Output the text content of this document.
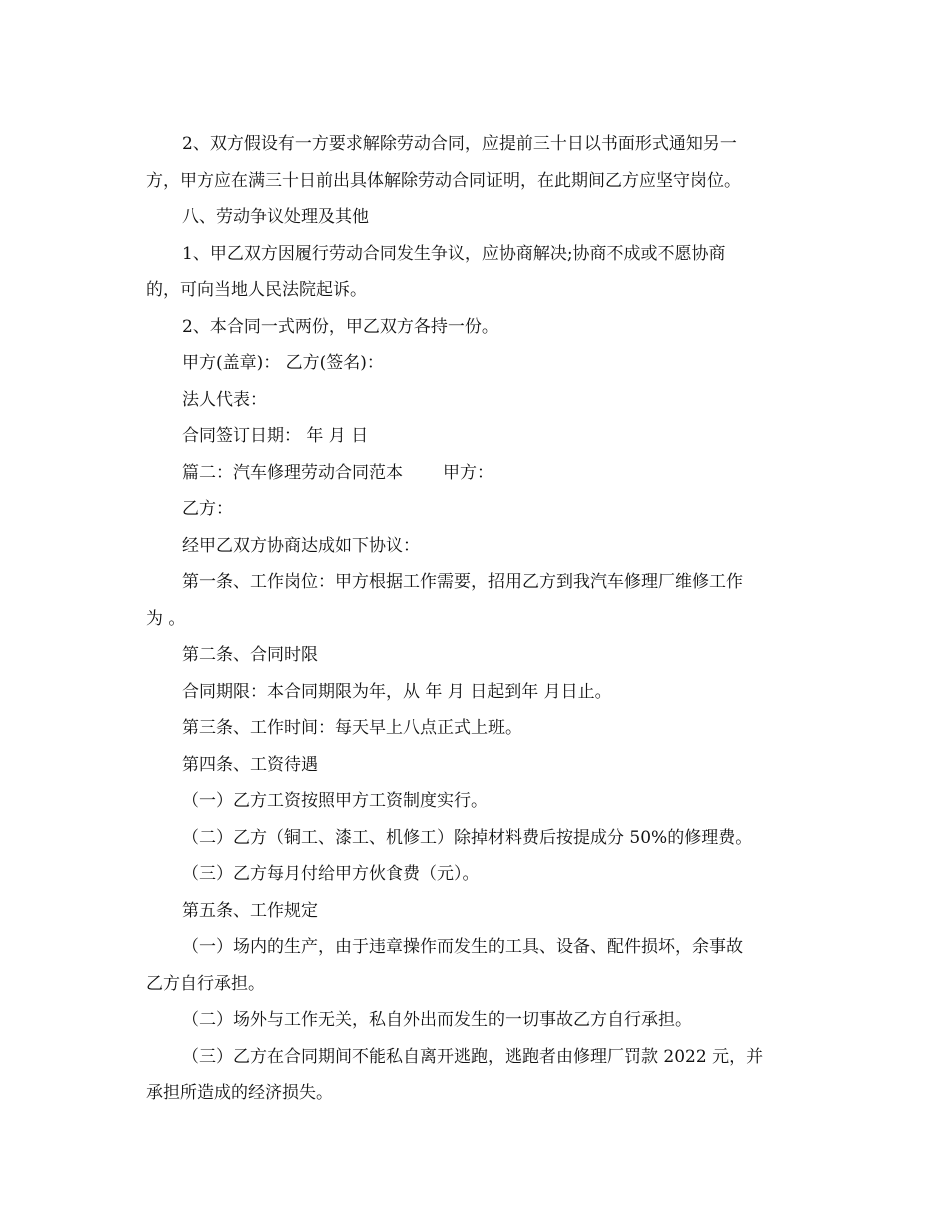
2、双方假设有一方要求解除劳动合同，应提前三十日以书面形式通知另一

方，甲方应在满三十日前出具体解除劳动合同证明，在此期间乙方应坚守岗位。

八、劳动争议处理及其他

1、甲乙双方因履行劳动合同发生争议，应协商解决;协商不成或不愿协商

的，可向当地人民法院起诉。

2、本合同一式两份，甲乙双方各持一份。

甲方(盖章)： 乙方(签名)：

法人代表：

合同签订日期： 年 月 日

篇二：汽车修理劳动合同范本 甲方：

乙方：

经甲乙双方协商达成如下协议：

第一条、工作岗位：甲方根据工作需要，招用乙方到我汽车修理厂维修工作

为 。

第二条、合同时限

合同期限：本合同期限为年，从 年 月 日起到年 月日止。

第三条、工作时间：每天早上八点正式上班。

第四条、工资待遇

（一）乙方工资按照甲方工资制度实行。

（二）乙方（铜工、漆工、机修工）除掉材料费后按提成分 50%的修理费。

（三）乙方每月付给甲方伙食费（元）。

第五条、工作规定

（一）场内的生产，由于违章操作而发生的工具、设备、配件损坏，余事故

乙方自行承担。

（二）场外与工作无关，私自外出而发生的一切事故乙方自行承担。

（三）乙方在合同期间不能私自离开逃跑，逃跑者由修理厂罚款 2022 元，并

承担所造成的经济损失。
